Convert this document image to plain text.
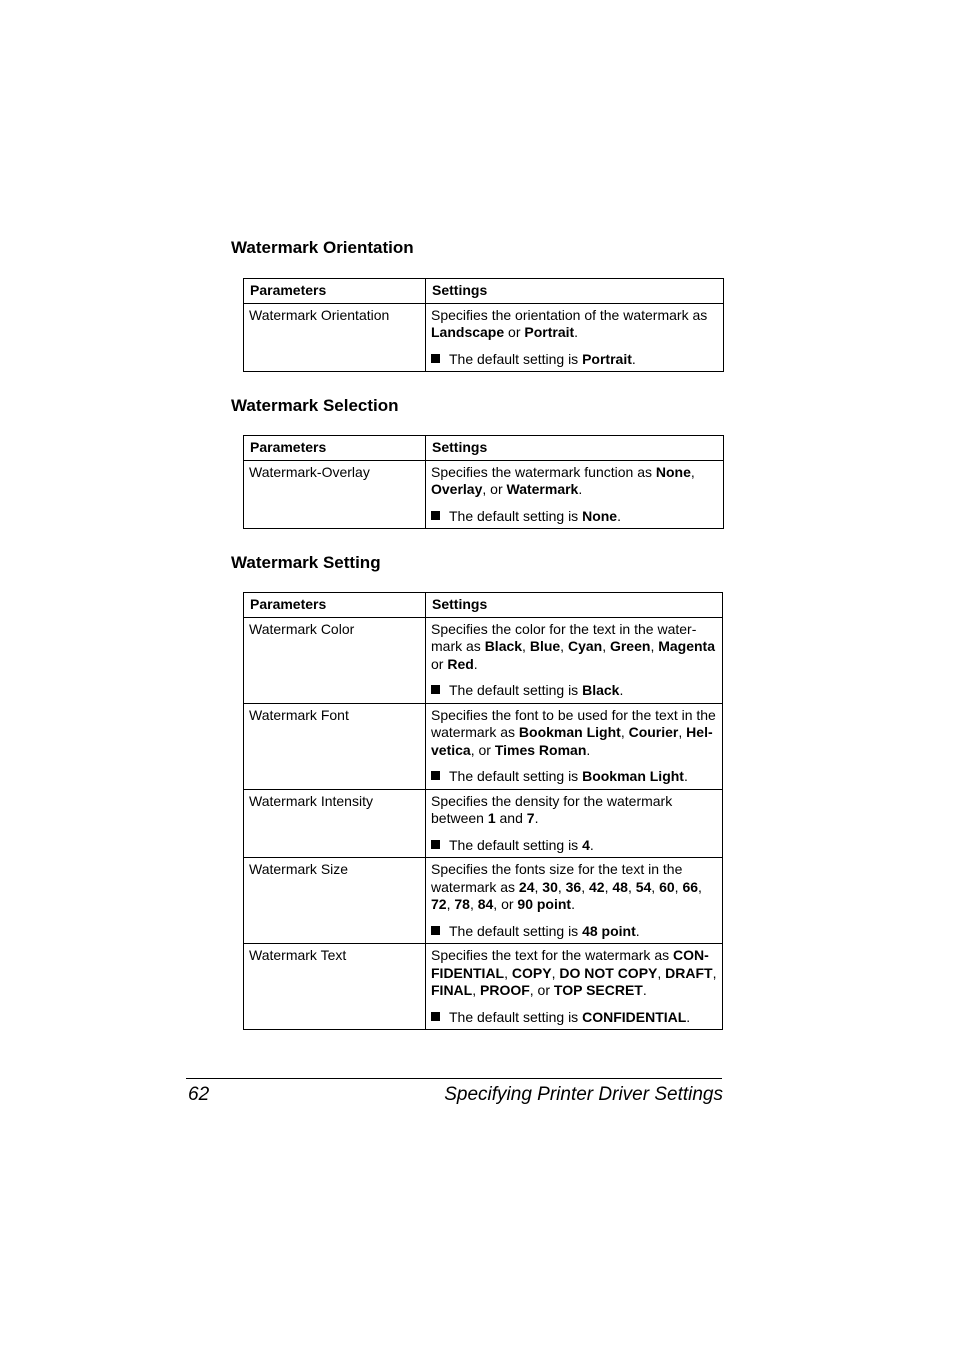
Watermark Orientation
Parameters	Settings
Watermark Orientation	Specifies the orientation of the watermark as Landscape or Portrait.

The default setting is Portrait.

Watermark Selection
Parameters	Settings
Watermark-Overlay	Specifies the watermark function as None, Overlay, or Watermark.

The default setting is None.

Watermark Setting
Parameters	Settings
Watermark Color	Specifies the color for the text in the water-mark as Black, Blue, Cyan, Green, Magenta or Red.

The default setting is Black.

Watermark Font	Specifies the font to be used for the text in the watermark as Bookman Light, Courier, Hel-vetica, or Times Roman.

The default setting is Bookman Light.

Watermark Intensity	Specifies the density for the watermark between 1 and 7.

The default setting is 4.

Watermark Size	Specifies the fonts size for the text in the watermark as 24, 30, 36, 42, 48, 54, 60, 66, 72, 78, 84, or 90 point.

The default setting is 48 point.

Watermark Text	Specifies the text for the watermark as CON-FIDENTIAL, COPY, DO NOT COPY, DRAFT, FINAL, PROOF, or TOP SECRET.

The default setting is CONFIDENTIAL.

62	Specifying Printer Driver Settings
